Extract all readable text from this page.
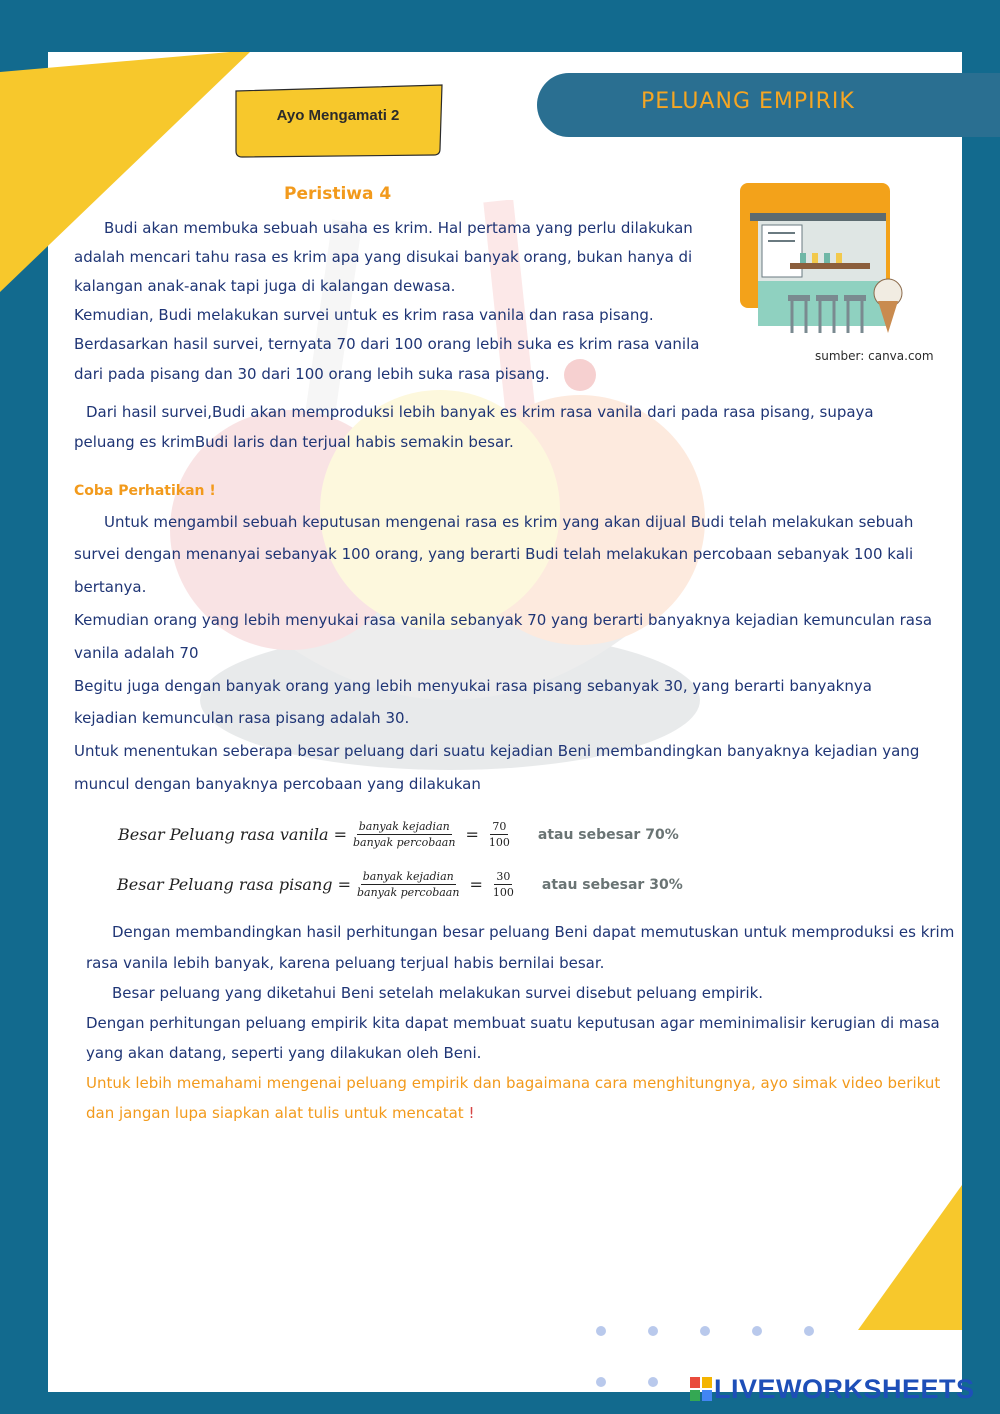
Ayo Mengamati 2
PELUANG EMPIRIK
Peristiwa 4
Budi akan membuka sebuah usaha es krim. Hal pertama yang perlu dilakukan
adalah mencari tahu rasa es krim apa yang disukai banyak orang, bukan hanya di
kalangan anak-anak tapi juga di kalangan dewasa.
Kemudian, Budi melakukan survei untuk es krim rasa vanila dan rasa pisang.
Berdasarkan hasil survei, ternyata 70 dari 100 orang lebih suka es krim rasa vanila
dari pada pisang dan 30 dari 100 orang lebih suka rasa pisang.
sumber: canva.com
Dari hasil survei,Budi akan memproduksi lebih banyak es krim rasa vanila dari pada rasa pisang, supaya
peluang es krimBudi laris dan terjual habis semakin besar.
Coba Perhatikan !
Untuk mengambil sebuah keputusan mengenai rasa es krim yang akan dijual Budi telah melakukan sebuah
survei dengan menanyai sebanyak 100 orang, yang berarti Budi telah melakukan percobaan sebanyak 100 kali
bertanya.
Kemudian orang yang lebih menyukai rasa vanila sebanyak 70 yang berarti banyaknya kejadian kemunculan rasa
vanila adalah 70
Begitu juga dengan banyak orang yang lebih menyukai rasa pisang sebanyak 30, yang berarti banyaknya
kejadian kemunculan rasa pisang adalah 30.
Untuk menentukan seberapa besar peluang dari suatu kejadian Beni membandingkan banyaknya kejadian yang
muncul dengan banyaknya percobaan yang dilakukan
Besar Peluang rasa vanila = $\frac{\text{banyak kejadian}}{\text{banyak percobaan}} = \frac{70}{100}$ atau sebesar 70%
Besar Peluang rasa pisang = $\frac{\text{banyak kejadian}}{\text{banyak percobaan}} = \frac{30}{100}$ atau sebesar 30%
Dengan membandingkan hasil perhitungan besar peluang Beni dapat memutuskan untuk memproduksi es krim
rasa vanila lebih banyak, karena peluang terjual habis bernilai besar.
Besar peluang yang diketahui Beni setelah melakukan survei disebut peluang empirik.
Dengan perhitungan peluang empirik kita dapat membuat suatu keputusan agar meminimalisir kerugian di masa
yang akan datang, seperti yang dilakukan oleh Beni.
Untuk lebih memahami mengenai peluang empirik dan bagaimana cara menghitungnya, ayo simak video berikut
dan jangan lupa siapkan alat tulis untuk mencatat !
LIVEWORKSHEETS
